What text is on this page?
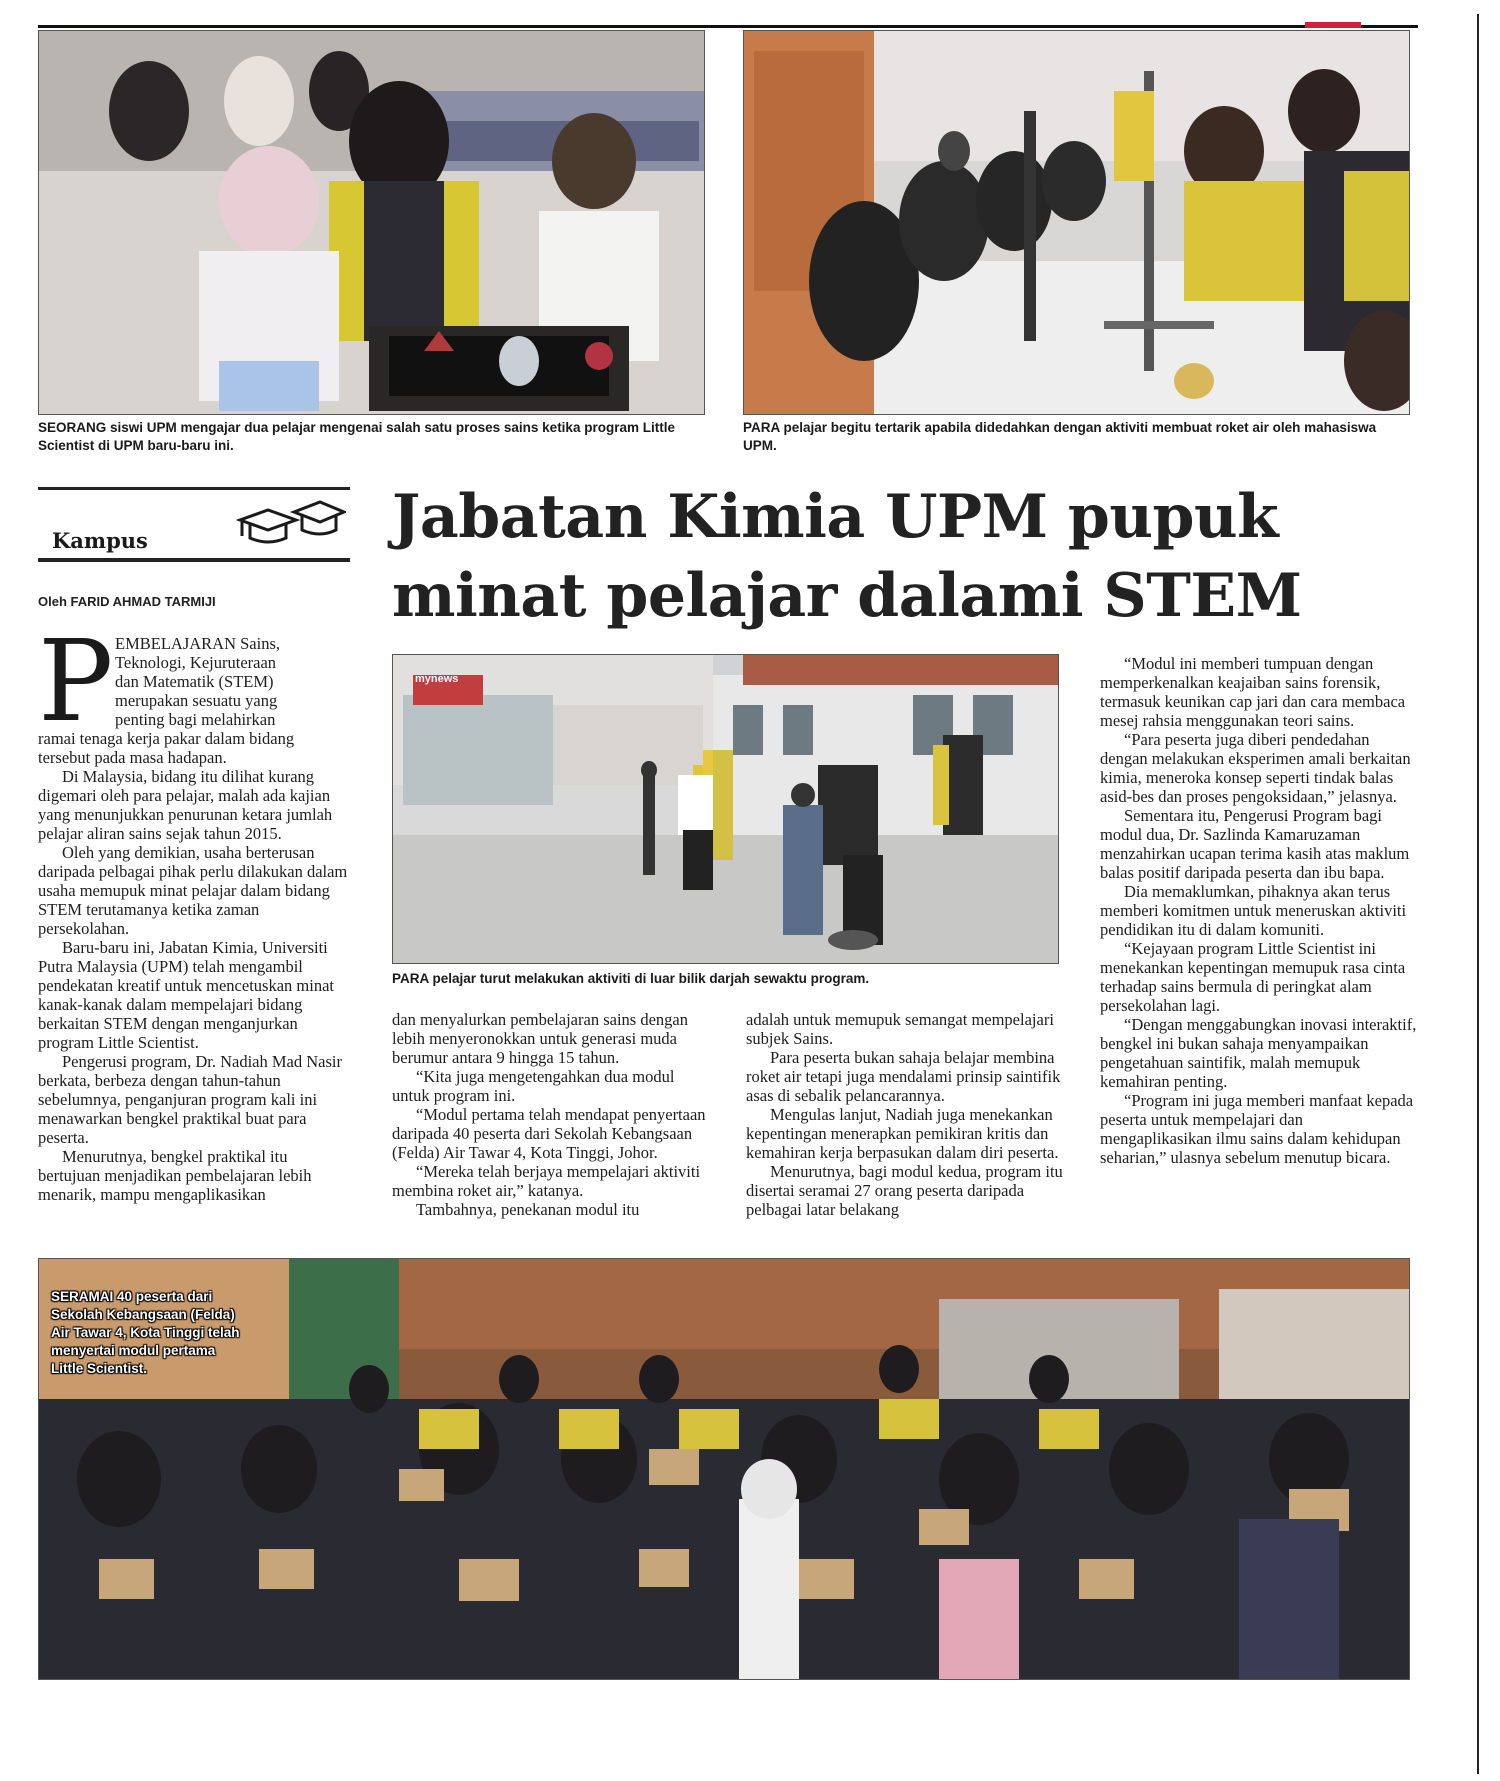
SEORANG siswi UPM mengajar dua pelajar mengenai salah satu proses sains ketika program Little Scientist di UPM baru-baru ini.
PARA pelajar begitu tertarik apabila didedahkan dengan aktiviti membuat roket air oleh mahasiswa UPM.
Kampus
Oleh FARID AHMAD TARMIJI
Jabatan Kimia UPM pupuk
minat pelajar dalami STEM
mynews
PARA pelajar turut melakukan aktiviti di luar bilik darjah sewaktu program.
P EMBELAJARAN Sains,
Teknologi, Kejuruteraan
dan Matematik (STEM)
merupakan sesuatu yang
penting bagi melahirkan

ramai tenaga kerja pakar dalam bidang tersebut pada masa hadapan.

Di Malaysia, bidang itu dilihat kurang digemari oleh para pelajar, malah ada kajian yang menunjukkan penurunan ketara jumlah pelajar aliran sains sejak tahun 2015.

Oleh yang demikian, usaha berterusan daripada pelbagai pihak perlu dilakukan dalam usaha memupuk minat pelajar dalam bidang STEM terutamanya ketika zaman persekolahan.

Baru-baru ini, Jabatan Kimia, Universiti Putra Malaysia (UPM) telah mengambil pendekatan kreatif untuk mencetuskan minat kanak-kanak dalam mempelajari bidang berkaitan STEM dengan menganjurkan program Little Scientist.

Pengerusi program, Dr. Nadiah Mad Nasir berkata, berbeza dengan tahun-tahun sebelumnya, penganjuran program kali ini menawarkan bengkel praktikal buat para peserta.

Menurutnya, bengkel praktikal itu bertujuan menjadikan pembelajaran lebih menarik, mampu mengaplikasikan

dan menyalurkan pembelajaran sains dengan lebih menyeronokkan untuk generasi muda berumur antara 9 hingga 15 tahun.

“Kita juga mengetengahkan dua modul untuk program ini.

“Modul pertama telah mendapat penyertaan daripada 40 peserta dari Sekolah Kebangsaan (Felda) Air Tawar 4, Kota Tinggi, Johor.

“Mereka telah berjaya mempelajari aktiviti membina roket air,” katanya.

Tambahnya, penekanan modul itu

adalah untuk memupuk semangat mempelajari subjek Sains.

Para peserta bukan sahaja belajar membina roket air tetapi juga mendalami prinsip saintifik asas di sebalik pelancarannya.

Mengulas lanjut, Nadiah juga menekankan kepentingan menerapkan pemikiran kritis dan kemahiran kerja berpasukan dalam diri peserta.

Menurutnya, bagi modul kedua, program itu disertai seramai 27 orang peserta daripada pelbagai latar belakang

“Modul ini memberi tumpuan dengan memperkenalkan keajaiban sains forensik, termasuk keunikan cap jari dan cara membaca mesej rahsia menggunakan teori sains.

“Para peserta juga diberi pendedahan dengan melakukan eksperimen amali berkaitan kimia, meneroka konsep seperti tindak balas asid-bes dan proses pengoksidaan,” jelasnya.

Sementara itu, Pengerusi Program bagi modul dua, Dr. Sazlinda Kamaruzaman menzahirkan ucapan terima kasih atas maklum balas positif daripada peserta dan ibu bapa.

Dia memaklumkan, pihaknya akan terus memberi komitmen untuk meneruskan aktiviti pendidikan itu di dalam komuniti.

“Kejayaan program Little Scientist ini menekankan kepentingan memupuk rasa cinta terhadap sains bermula di peringkat alam persekolahan lagi.

“Dengan menggabungkan inovasi interaktif, bengkel ini bukan sahaja menyampaikan pengetahuan saintifik, malah memupuk kemahiran penting.

“Program ini juga memberi manfaat kepada peserta untuk mempelajari dan mengaplikasikan ilmu sains dalam kehidupan seharian,” ulasnya sebelum menutup bicara.

SERAMAI 40 peserta dari Sekolah Kebangsaan (Felda) Air Tawar 4, Kota Tinggi telah menyertai modul pertama Little Scientist.
